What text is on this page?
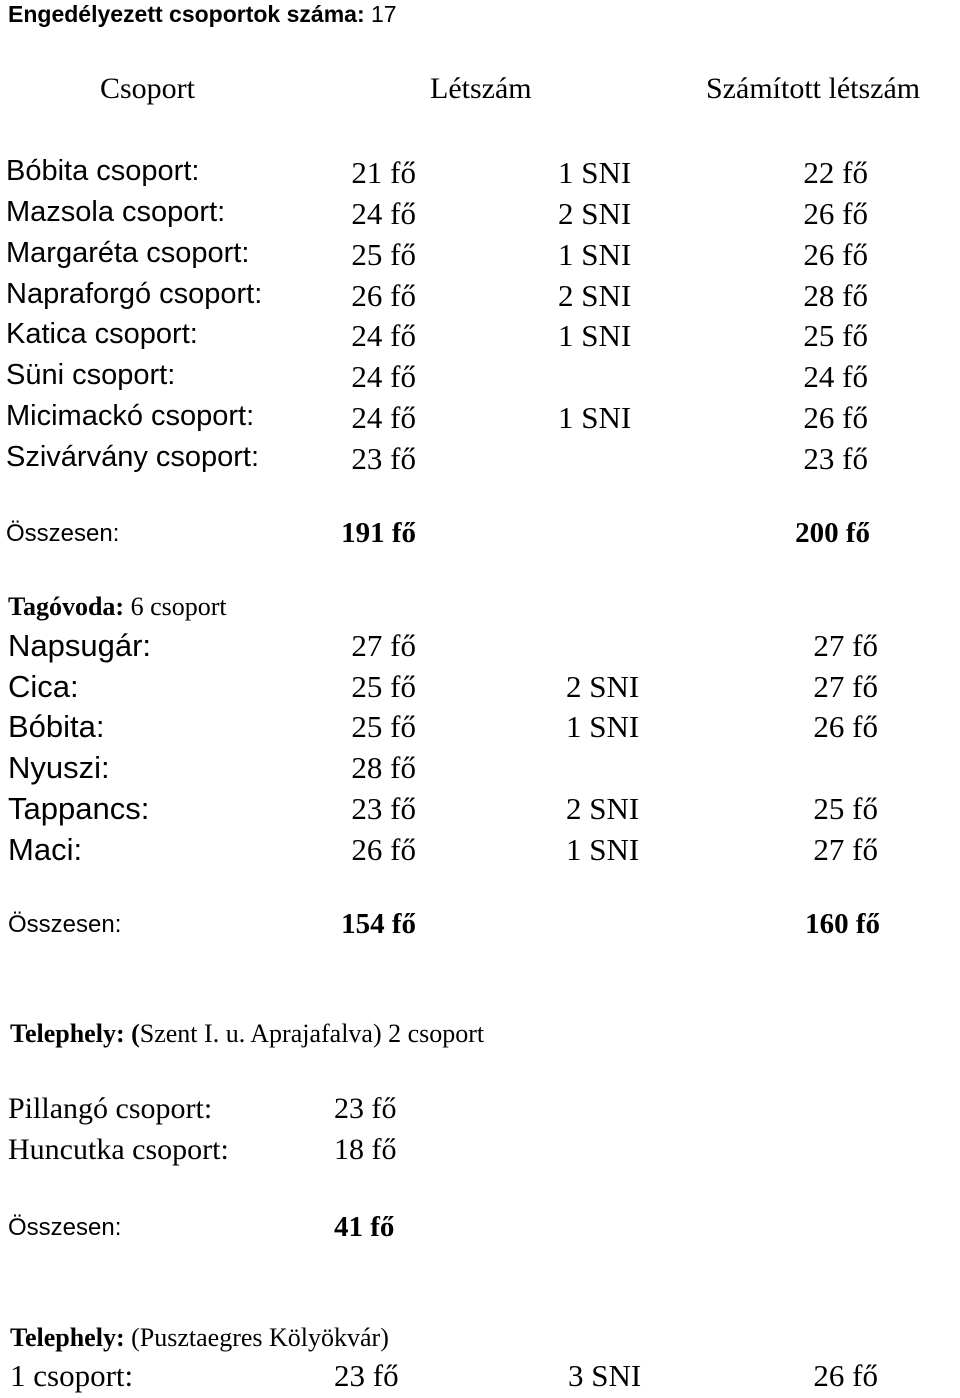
Engedélyezett csoportok száma: 17
Csoport	Létszám	Számított létszám
Bóbita csoport:	21 fő	1 SNI	22 fő
Mazsola csoport:	24 fő	2 SNI	26 fő
Margaréta csoport:	25 fő	1 SNI	26 fő
Napraforgó csoport:	26 fő	2 SNI	28 fő
Katica csoport:	24 fő	1 SNI	25 fő
Süni csoport:	24 fő	24 fő
Micimackó csoport:	24 fő	1 SNI	26 fő
Szivárvány csoport:	23 fő	23 fő
Összesen:	191 fő	200 fő
Tagóvoda: 6 csoport
Napsugár:	27 fő	27 fő
Cica:	25 fő	2 SNI	27 fő
Bóbita:	25 fő	1 SNI	26 fő
Nyuszi:	28 fő
Tappancs:	23 fő	2 SNI	25 fő
Maci:	26 fő	1 SNI	27 fő
Összesen:	154 fő	160 fő
Telephely: (Szent I. u. Aprajafalva) 2 csoport
Pillangó csoport:	23 fő
Huncutka csoport:	18 fő
Összesen:	41 fő
Telephely: (Pusztaegres Kölyökvár)
1 csoport:	23 fő	3 SNI	26 fő
